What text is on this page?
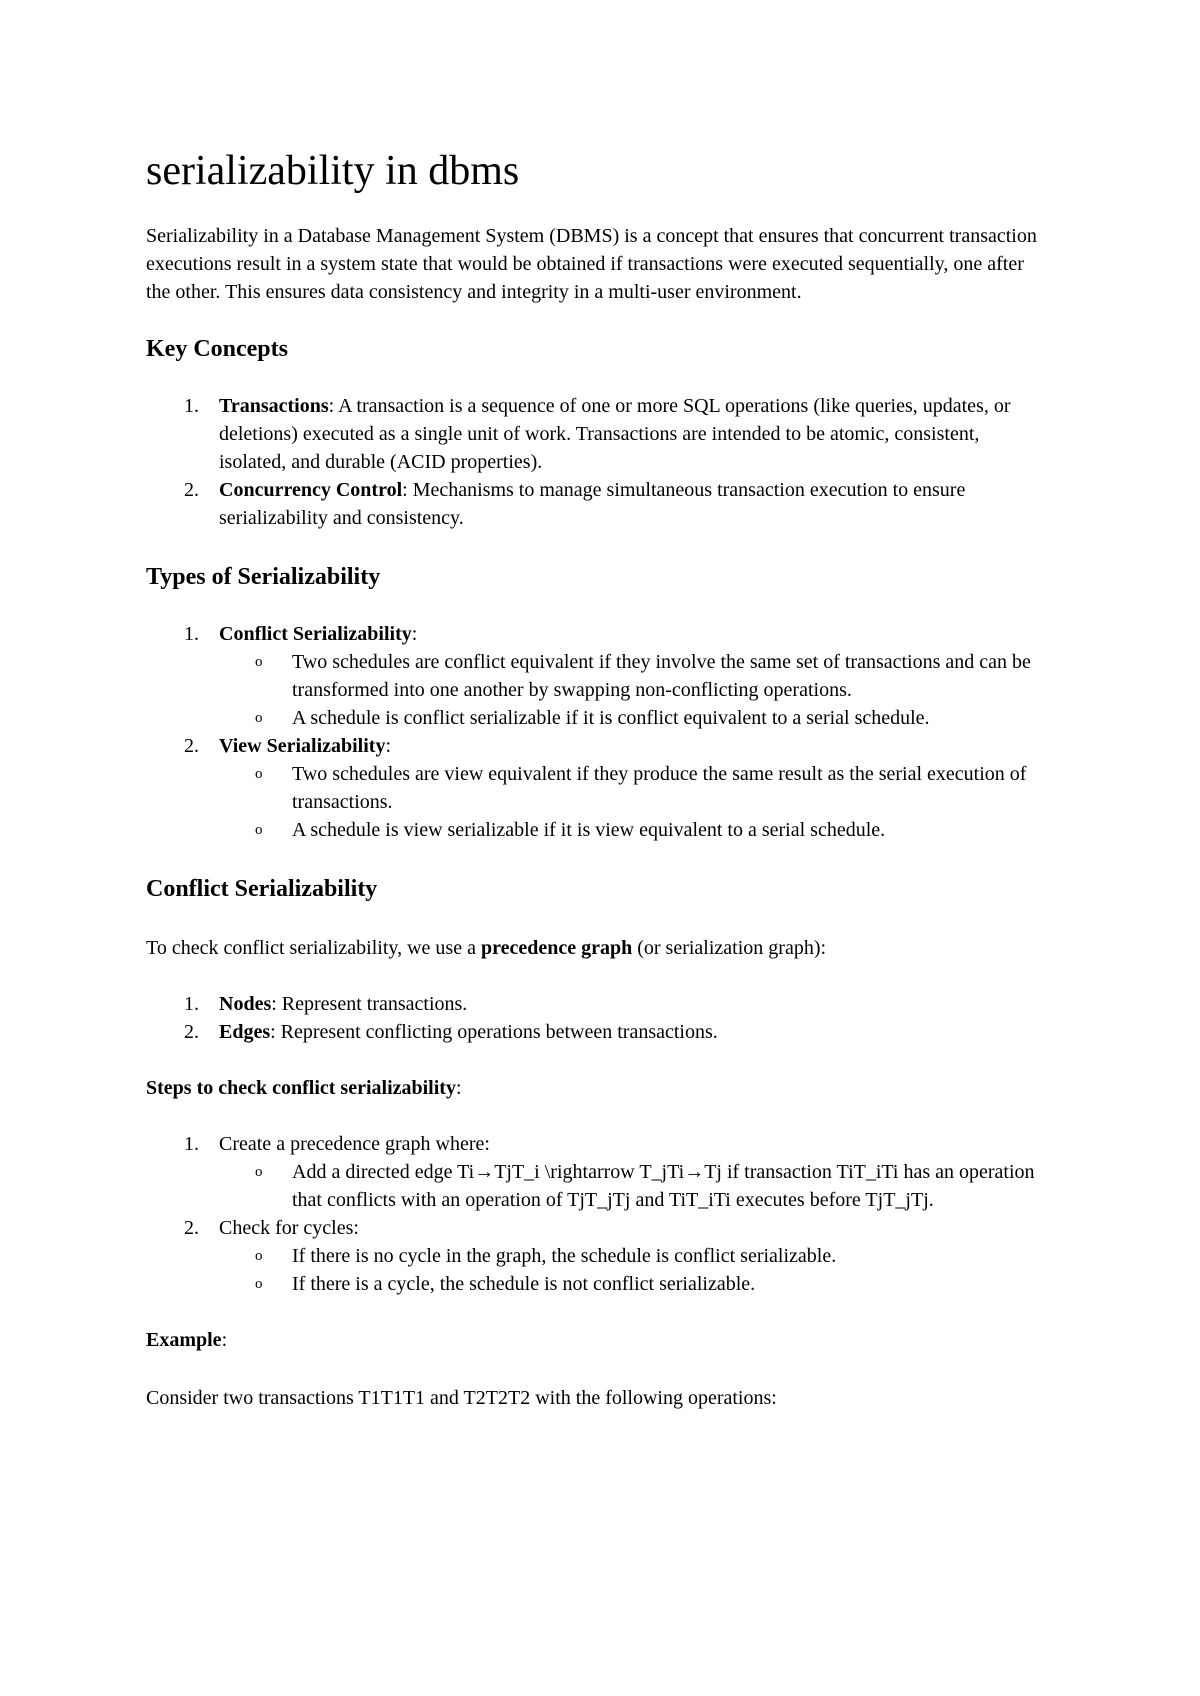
serializability in dbms

Serializability in a Database Management System (DBMS) is a concept that ensures that concurrent transaction executions result in a system state that would be obtained if transactions were executed sequentially, one after the other. This ensures data consistency and integrity in a multi-user environment.

Key Concepts
1. Transactions: A transaction is a sequence of one or more SQL operations (like queries, updates, or deletions) executed as a single unit of work. Transactions are intended to be atomic, consistent, isolated, and durable (ACID properties).
2. Concurrency Control: Mechanisms to manage simultaneous transaction execution to ensure serializability and consistency.
Types of Serializability
1. Conflict Serializability:
o Two schedules are conflict equivalent if they involve the same set of transactions and can be transformed into one another by swapping non-conflicting operations.
o A schedule is conflict serializable if it is conflict equivalent to a serial schedule.
2. View Serializability:
o Two schedules are view equivalent if they produce the same result as the serial execution of transactions.
o A schedule is view serializable if it is view equivalent to a serial schedule.
Conflict Serializability

To check conflict serializability, we use a precedence graph (or serialization graph):

1. Nodes: Represent transactions.
2. Edges: Represent conflicting operations between transactions.

Steps to check conflict serializability:

1. Create a precedence graph where:
o Add a directed edge Ti→TjT_i \rightarrow T_jTi→Tj if transaction TiT_iTi has an operation that conflicts with an operation of TjT_jTj and TiT_iTi executes before TjT_jTj.
2. Check for cycles:
o If there is no cycle in the graph, the schedule is conflict serializable.
o If there is a cycle, the schedule is not conflict serializable.

Example:

Consider two transactions T1T1T1 and T2T2T2 with the following operations:
